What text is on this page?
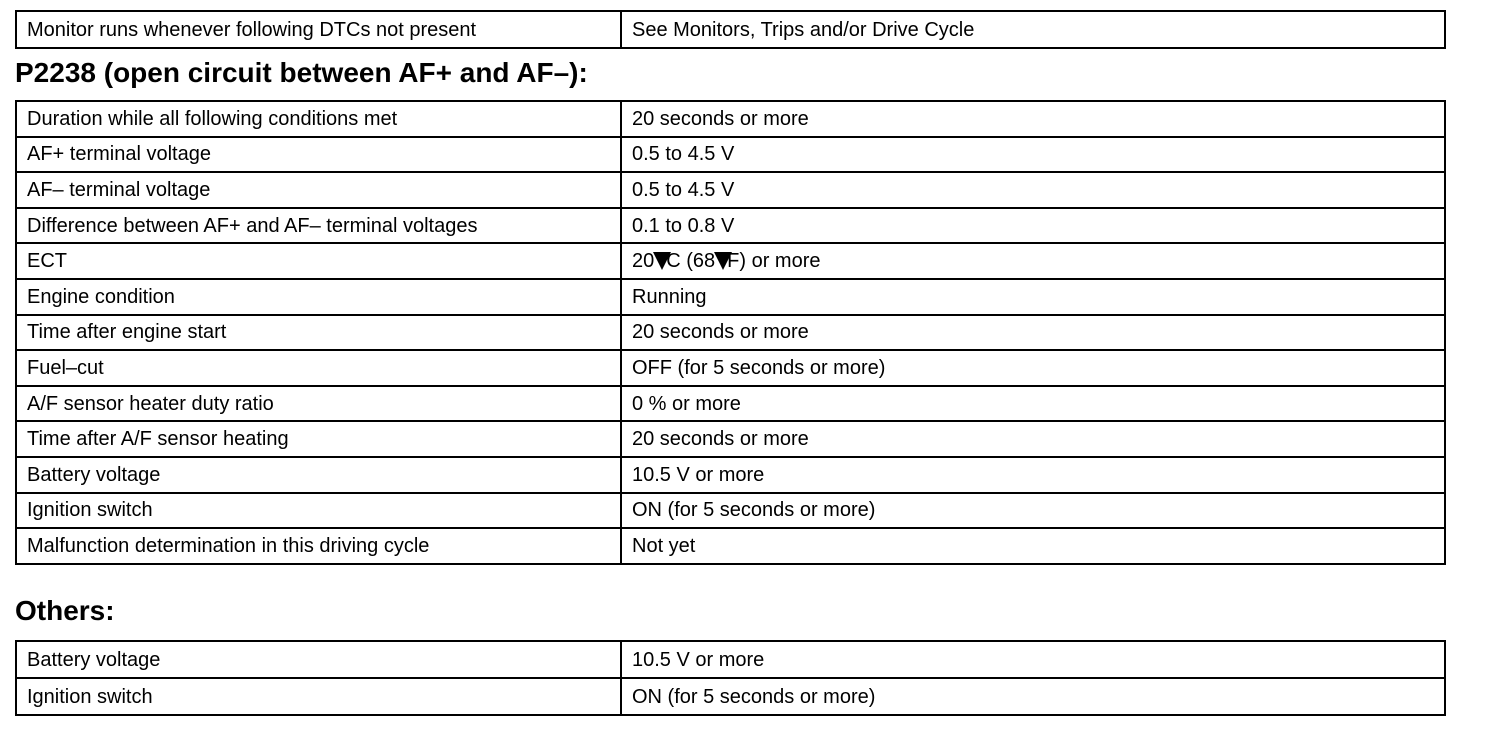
Monitor runs whenever following DTCs not present	See Monitors, Trips and/or Drive Cycle
P2238 (open circuit between AF+ and AF–):
Duration while all following conditions met	20 seconds or more
AF+ terminal voltage	0.5 to 4.5 V
AF– terminal voltage	0.5 to 4.5 V
Difference between AF+ and AF– terminal voltages	0.1 to 0.8 V
ECT	20 C (68 F) or more
Engine condition	Running
Time after engine start	20 seconds or more
Fuel–cut	OFF (for 5 seconds or more)
A/F sensor heater duty ratio	0 % or more
Time after A/F sensor heating	20 seconds or more
Battery voltage	10.5 V or more
Ignition switch	ON (for 5 seconds or more)
Malfunction determination in this driving cycle	Not yet
Others:
Battery voltage	10.5 V or more
Ignition switch	ON (for 5 seconds or more)
